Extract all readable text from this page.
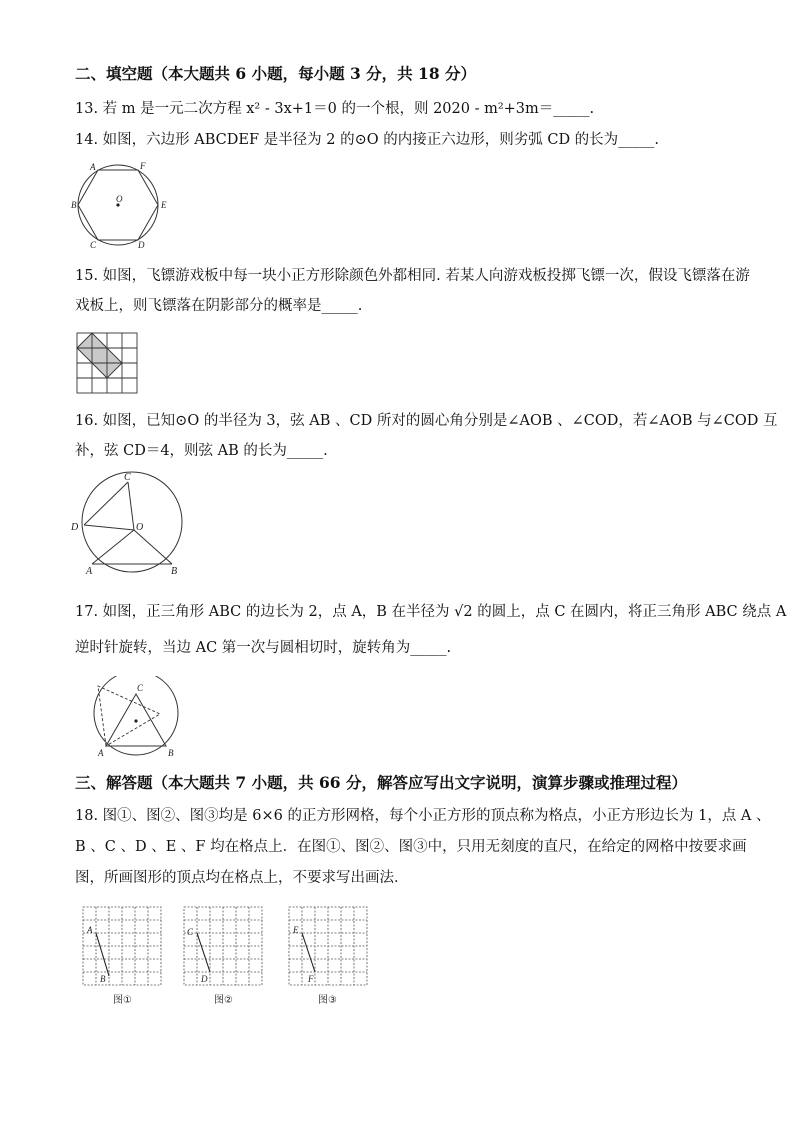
二、填空题（本大题共 6 小题，每小题 3 分，共 18 分）
13. 若 m 是一元二次方程 x² - 3x+1＝0 的一个根，则 2020 - m²+3m＝_____.
14. 如图，六边形 ABCDEF 是半径为 2 的⊙O 的内接正六边形，则劣弧 CD 的长为_____.
A	F
B	E
C	D
O
15. 如图，飞镖游戏板中每一块小正方形除颜色外都相同. 若某人向游戏板投掷飞镖一次，假设飞镖落在游
戏板上，则飞镖落在阴影部分的概率是_____.
16. 如图，已知⊙O 的半径为 3，弦 AB 、CD 所对的圆心角分别是∠AOB 、∠COD，若∠AOB 与∠COD 互
补，弦 CD＝4，则弦 AB 的长为_____.
C
D	O
A	B
17. 如图，正三角形 ABC 的边长为 2，点 A，B 在半径为 √2 的圆上，点 C 在圆内，将正三角形 ABC 绕点 A
逆时针旋转，当边 AC 第一次与圆相切时，旋转角为_____.
C
A	B
三、解答题（本大题共 7 小题，共 66 分，解答应写出文字说明，演算步骤或推理过程）
18. 图①、图②、图③均是 6×6 的正方形网格，每个小正方形的顶点称为格点，小正方形边长为 1，点 A 、
B 、C 、D 、E 、F 均在格点上．在图①、图②、图③中，只用无刻度的直尺，在给定的网格中按要求画
图，所画图形的顶点均在格点上，不要求写出画法．
A
B
图①
C
D
图②
E
F
图③
